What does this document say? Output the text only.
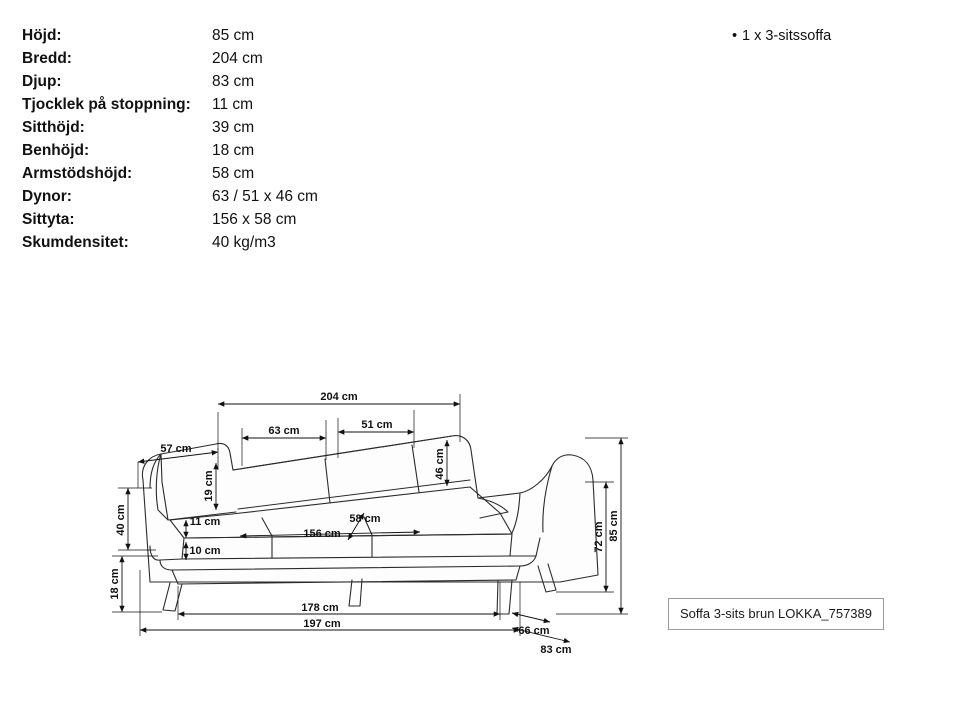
Höjd:	85 cm
Bredd:	204 cm
Djup:	83 cm
Tjocklek på stoppning:	11 cm
Sitthöjd:	39 cm
Benhöjd:	18 cm
Armstödshöjd:	58 cm
Dynor:	63 / 51 x 46 cm
Sittyta:	156 x 58 cm
Skumdensitet:	40 kg/m3
• 1 x 3-sitssoffa
Soffa 3-sits brun LOKKA_757389
204 cm
63 cm	51 cm
57 cm	46 cm
19 cm
11 cm
10 cm
58 cm
156 cm
40 cm
18 cm
72 cm 85 cm
178 cm
197 cm
66 cm
83 cm
